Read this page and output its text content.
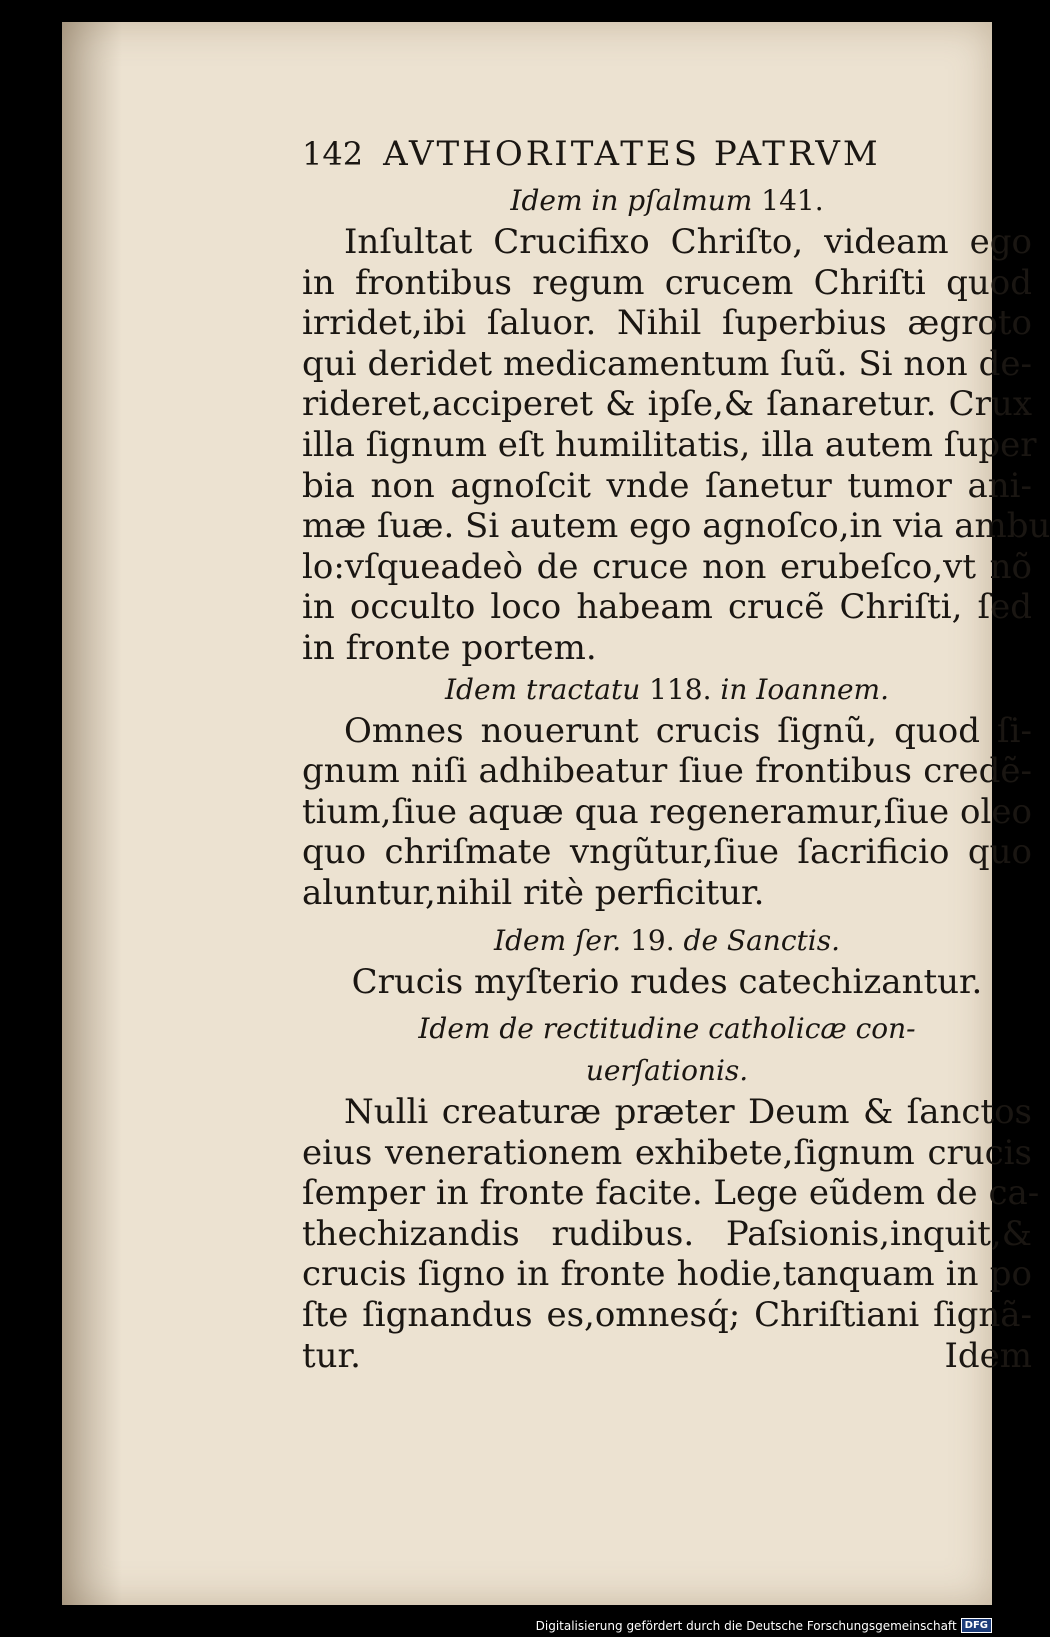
142 AVTHORITATES PATRVM
Idem in pſalmum 141.
Inſultat Crucifixo Chriſto, videam ego
in frontibus regum crucem Chriſti quod
irridet,ibi ſaluor. Nihil ſuperbius ægroto
qui deridet medicamentum ſuũ. Si non de-
rideret,acciperet & ipſe,& ſanaretur. Crux
illa ſignum eſt humilitatis, illa autem ſuper
bia non agnoſcit vnde ſanetur tumor ani-
mæ ſuæ. Si autem ego agnoſco,in via ambu
lo:vſqueadeò de cruce non erubeſco,vt nõ
in occulto loco habeam crucẽ Chriſti, ſed
in fronte portem.
Idem tractatu 118. in Ioannem.
Omnes nouerunt crucis ſignũ, quod ſi-
gnum niſi adhibeatur ſiue frontibus credẽ-
tium,ſiue aquæ qua regeneramur,ſiue oleo
quo chriſmate vngũtur,ſiue ſacrificio quo
aluntur,nihil ritè perficitur.
Idem ſer. 19. de Sanctis.
Crucis myſterio rudes catechizantur.
Idem de rectitudine catholicæ con-
uerſationis.
Nulli creaturæ præter Deum & ſanctos
eius venerationem exhibete,ſignum crucis
ſemper in fronte facite. Lege eũdem de ca-
thechizandis rudibus. Paſsionis,inquit,&
crucis ſigno in fronte hodie,tanquam in po
ſte ſignandus es,omnesq́; Chriſtiani ſignã-
tur.	Idem
Digitalisierung gefördert durch die Deutsche Forschungsgemeinschaft DFG
